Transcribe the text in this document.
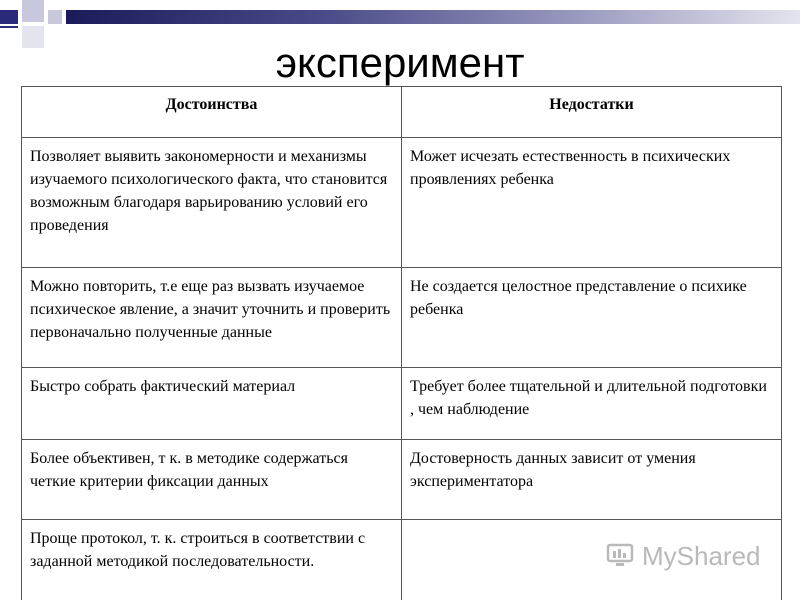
эксперимент
Достоинства	Недостатки
Позволяет выявить закономерности и механизмы изучаемого психологического факта, что становится возможным благодаря варьированию условий его проведения	Может исчезать естественность в психических проявлениях ребенка
Можно повторить, т.е еще раз вызвать изучаемое психическое явление, а значит уточнить и проверить первоначально полученные данные	Не создается целостное представление о психике ребенка
Быстро собрать фактический материал	Требует более тщательной и длительной подготовки , чем наблюдение
Более объективен, т к. в методике содержаться четкие критерии фиксации данных	Достоверность данных зависит от умения экспериментатора
Проще протокол, т. к. строиться в соответствии с заданной методикой последовательности.		MyShared
